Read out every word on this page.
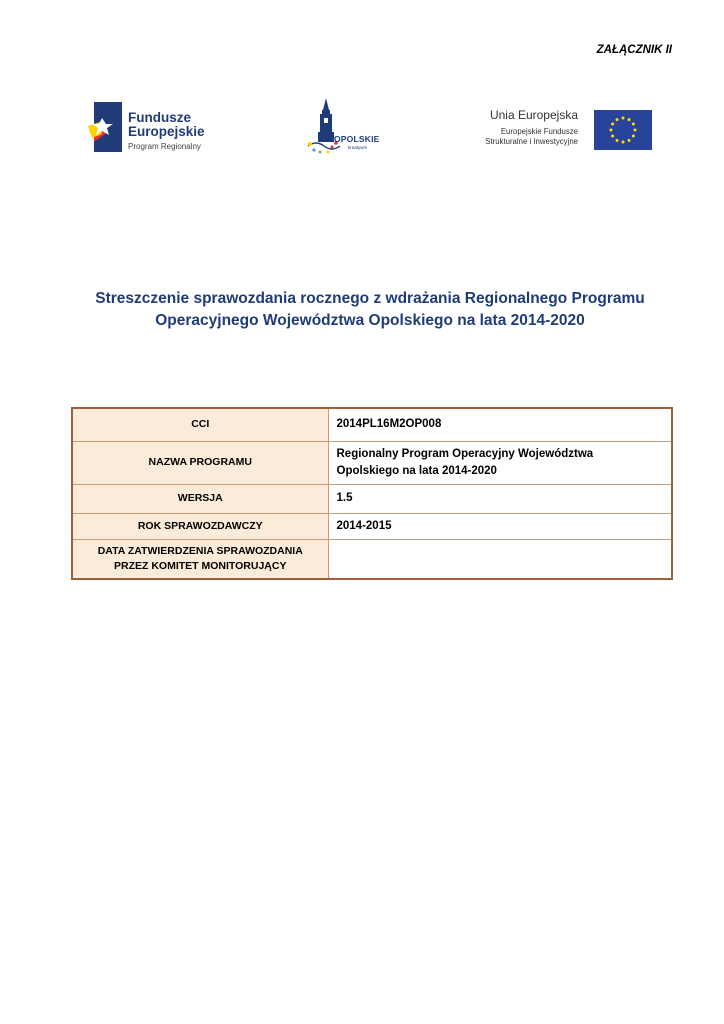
ZAŁĄCZNIK II
Fundusze
Europejskie
Program Regionalny
OPOLSKIE
kreatywni
Unia Europejska
Europejskie Fundusze
Strukturalne i Inwestycyjne
Streszczenie sprawozdania rocznego z wdrażania Regionalnego Programu
Operacyjnego Województwa Opolskiego na lata 2014-2020
CCI	2014PL16M2OP008
NAZWA PROGRAMU	Regionalny Program Operacyjny Województwa
Opolskiego na lata 2014-2020

WERSJA	1.5
ROK SPRAWOZDAWCZY	2014-2015

DATA ZATWIERDZENIA SPRAWOZDANIA
PRZEZ KOMITET MONITORUJĄCY	
